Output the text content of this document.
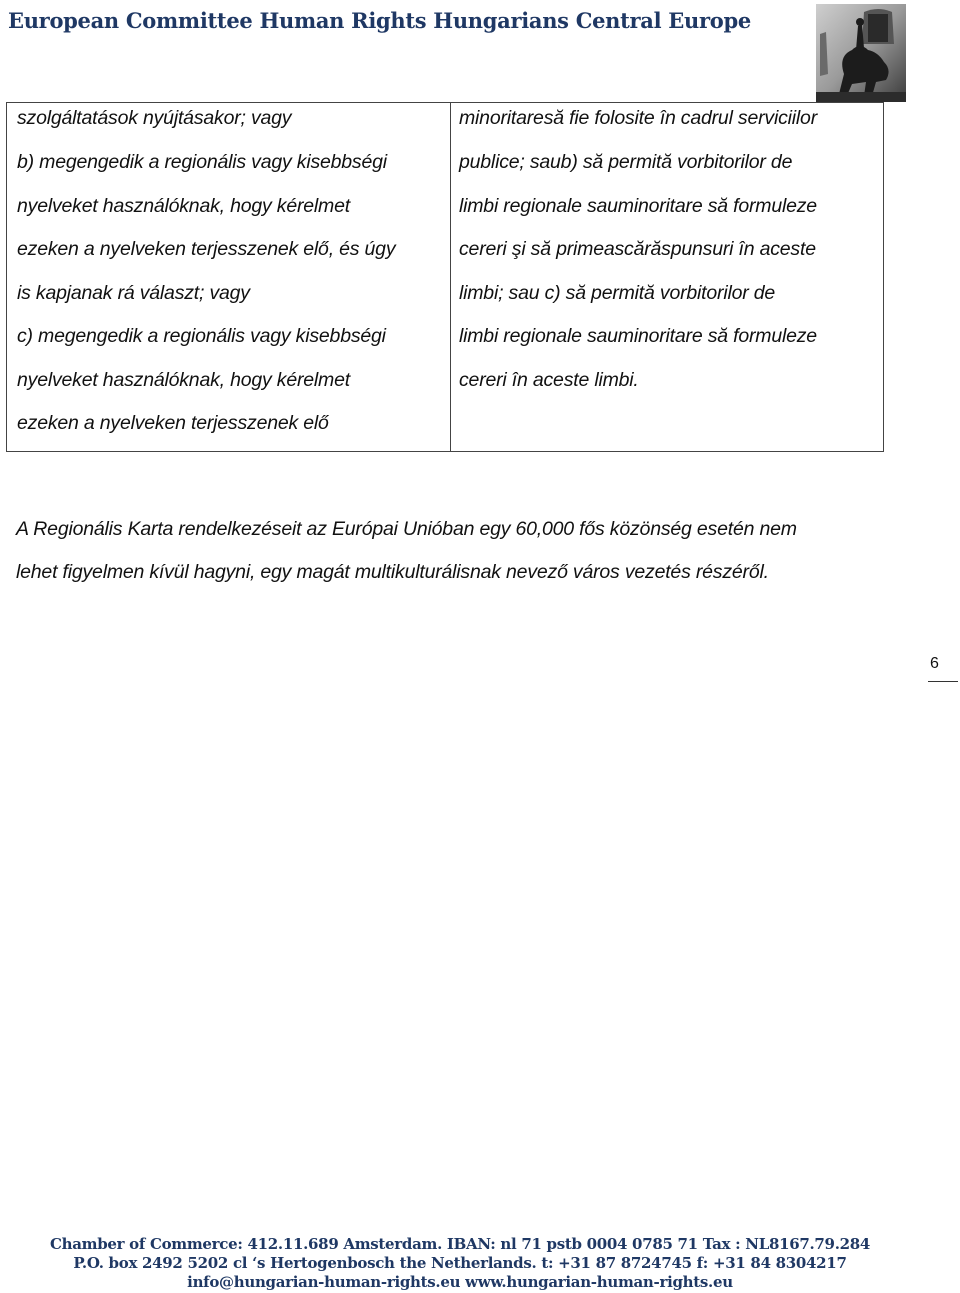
European Committee Human Rights Hungarians Central Europe
szolgáltatások nyújtásakor; vagy
b) megengedik a regionális vagy kisebbségi
nyelveket használóknak, hogy kérelmet
ezeken a nyelveken terjesszenek elő, és úgy
is kapjanak rá választ; vagy
c) megengedik a regionális vagy kisebbségi
nyelveket használóknak, hogy kérelmet
ezeken a nyelveken terjesszenek elő
minoritaresă fie folosite în cadrul serviciilor
publice; saub) să permită vorbitorilor de
limbi regionale sauminoritare să formuleze
cereri şi să primeascărăspunsuri în aceste
limbi; sau c) să permită vorbitorilor de
limbi regionale sauminoritare să formuleze
cereri în aceste limbi.
A Regionális Karta rendelkezéseit az Európai Unióban egy 60,000 fős közönség esetén nem
lehet figyelmen kívül hagyni, egy magát multikulturálisnak nevező város vezetés részéről.
6
Chamber of Commerce: 412.11.689 Amsterdam. IBAN: nl 71 pstb 0004 0785 71 Tax : NL8167.79.284
P.O. box 2492 5202 cl ‘s Hertogenbosch the Netherlands. t: +31 87 8724745 f: +31 84 8304217
info@hungarian-human-rights.eu www.hungarian-human-rights.eu
